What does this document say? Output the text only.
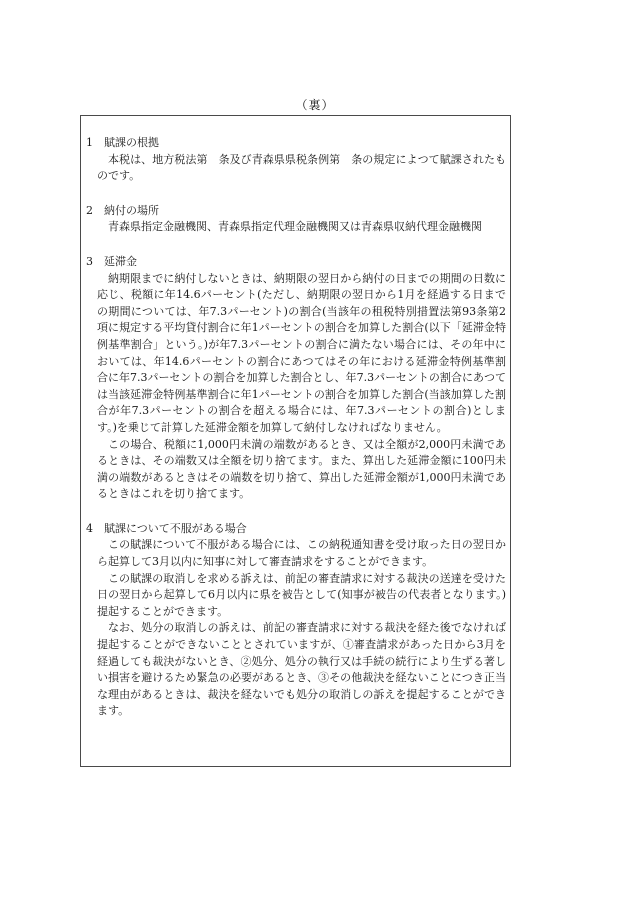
（裏）
1	賦課の根拠

本税は、地方税法第　条及び青森県県税条例第　条の規定によつて賦課されたものです。

2	納付の場所

青森県指定金融機関、青森県指定代理金融機関又は青森県収納代理金融機関

3	延滞金

納期限までに納付しないときは、納期限の翌日から納付の日までの期間の日数に応じ、税額に年14.6パーセント(ただし、納期限の翌日から1月を経過する日までの期間については、年7.3パーセント)の割合(当該年の租税特別措置法第93条第2項に規定する平均貸付割合に年1パーセントの割合を加算した割合(以下「延滞金特例基準割合」という。)が年7.3パーセントの割合に満たない場合には、その年中においては、年14.6パーセントの割合にあつてはその年における延滞金特例基準割合に年7.3パーセントの割合を加算した割合とし、年7.3パーセントの割合にあつては当該延滞金特例基準割合に年1パーセントの割合を加算した割合(当該加算した割合が年7.3パーセントの割合を超える場合には、年7.3パーセントの割合)とします。)を乗じて計算した延滞金額を加算して納付しなければなりません。

この場合、税額に1,000円未満の端数があるとき、又は全額が2,000円未満であるときは、その端数又は全額を切り捨てます。また、算出した延滞金額に100円未満の端数があるときはその端数を切り捨て、算出した延滞金額が1,000円未満であるときはこれを切り捨てます。

4	賦課について不服がある場合

この賦課について不服がある場合には、この納税通知書を受け取った日の翌日から起算して3月以内に知事に対して審査請求をすることができます。

この賦課の取消しを求める訴えは、前記の審査請求に対する裁決の送達を受けた日の翌日から起算して6月以内に県を被告として(知事が被告の代表者となります。)提起することができます。

なお、処分の取消しの訴えは、前記の審査請求に対する裁決を経た後でなければ提起することができないこととされていますが、①審査請求があった日から3月を経過しても裁決がないとき、②処分、処分の執行又は手続の続行により生ずる著しい損害を避けるため緊急の必要があるとき、③その他裁決を経ないことにつき正当な理由があるときは、裁決を経ないでも処分の取消しの訴えを提起することができます。
